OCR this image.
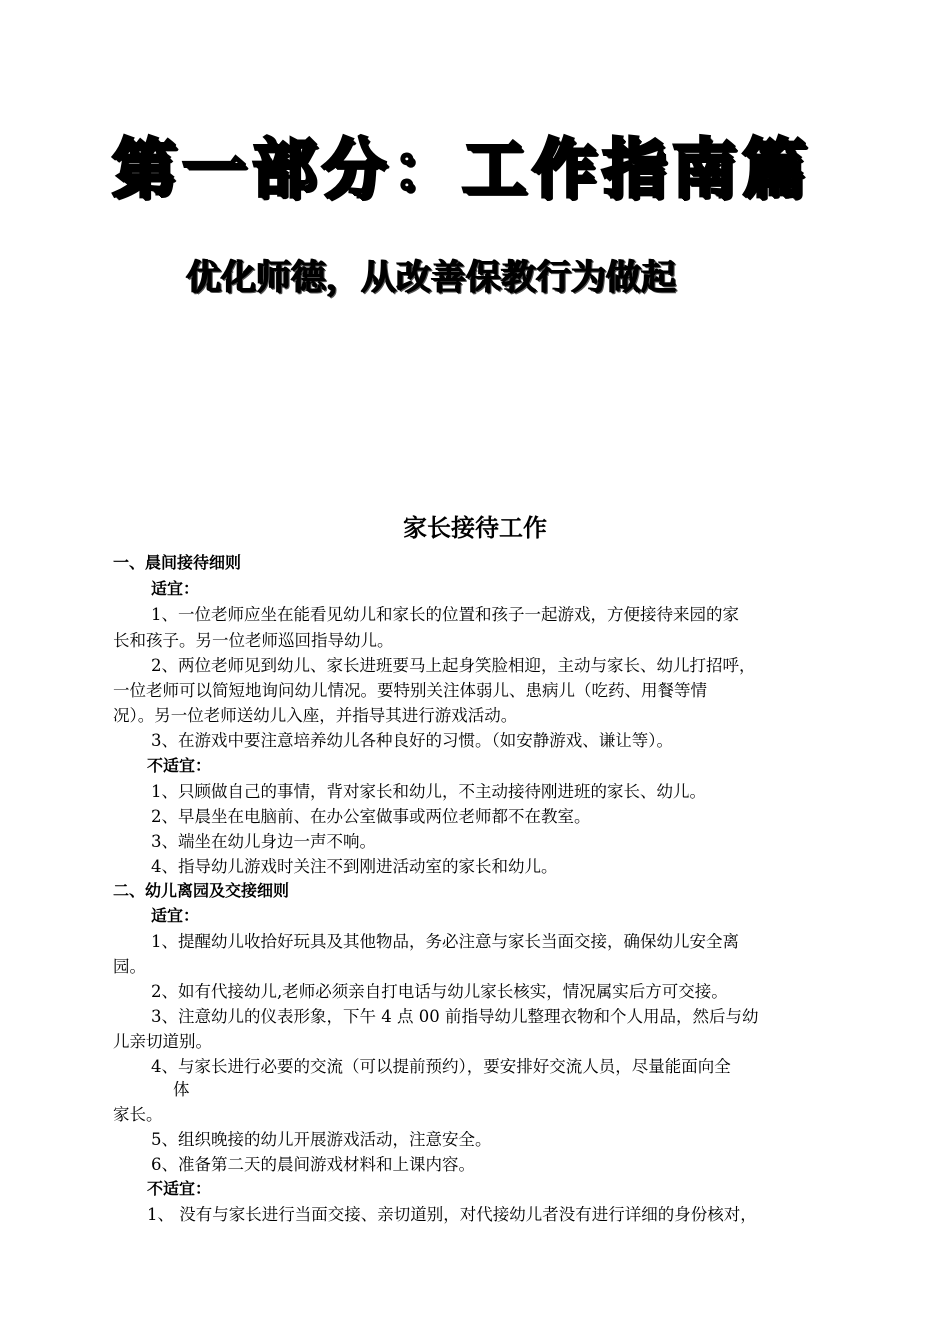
第一部分：工作指南篇
优化师德，从改善保教行为做起
家长接待工作
一、晨间接待细则
适宜：
1、一位老师应坐在能看见幼儿和家长的位置和孩子一起游戏，方便接待来园的家
长和孩子。另一位老师巡回指导幼儿。
2、两位老师见到幼儿、家长进班要马上起身笑脸相迎，主动与家长、幼儿打招呼，
一位老师可以简短地询问幼儿情况。要特别关注体弱儿、患病儿（吃药、用餐等情
况）。另一位老师送幼儿入座，并指导其进行游戏活动。
3、在游戏中要注意培养幼儿各种良好的习惯。（如安静游戏、谦让等）。
不适宜：
1、只顾做自己的事情，背对家长和幼儿，不主动接待刚进班的家长、幼儿。
2、早晨坐在电脑前、在办公室做事或两位老师都不在教室。
3、端坐在幼儿身边一声不响。
4、指导幼儿游戏时关注不到刚进活动室的家长和幼儿。
二、幼儿离园及交接细则
适宜：
1、提醒幼儿收拾好玩具及其他物品，务必注意与家长当面交接，确保幼儿安全离
园。
2、如有代接幼儿,老师必须亲自打电话与幼儿家长核实，情况属实后方可交接。
3、注意幼儿的仪表形象，下午 4 点 00 前指导幼儿整理衣物和个人用品，然后与幼
儿亲切道别。
4、与家长进行必要的交流（可以提前预约），要安排好交流人员，尽量能面向全
体
家长。
5、组织晚接的幼儿开展游戏活动，注意安全。
6、准备第二天的晨间游戏材料和上课内容。
不适宜：
1、 没有与家长进行当面交接、亲切道别，对代接幼儿者没有进行详细的身份核对，
